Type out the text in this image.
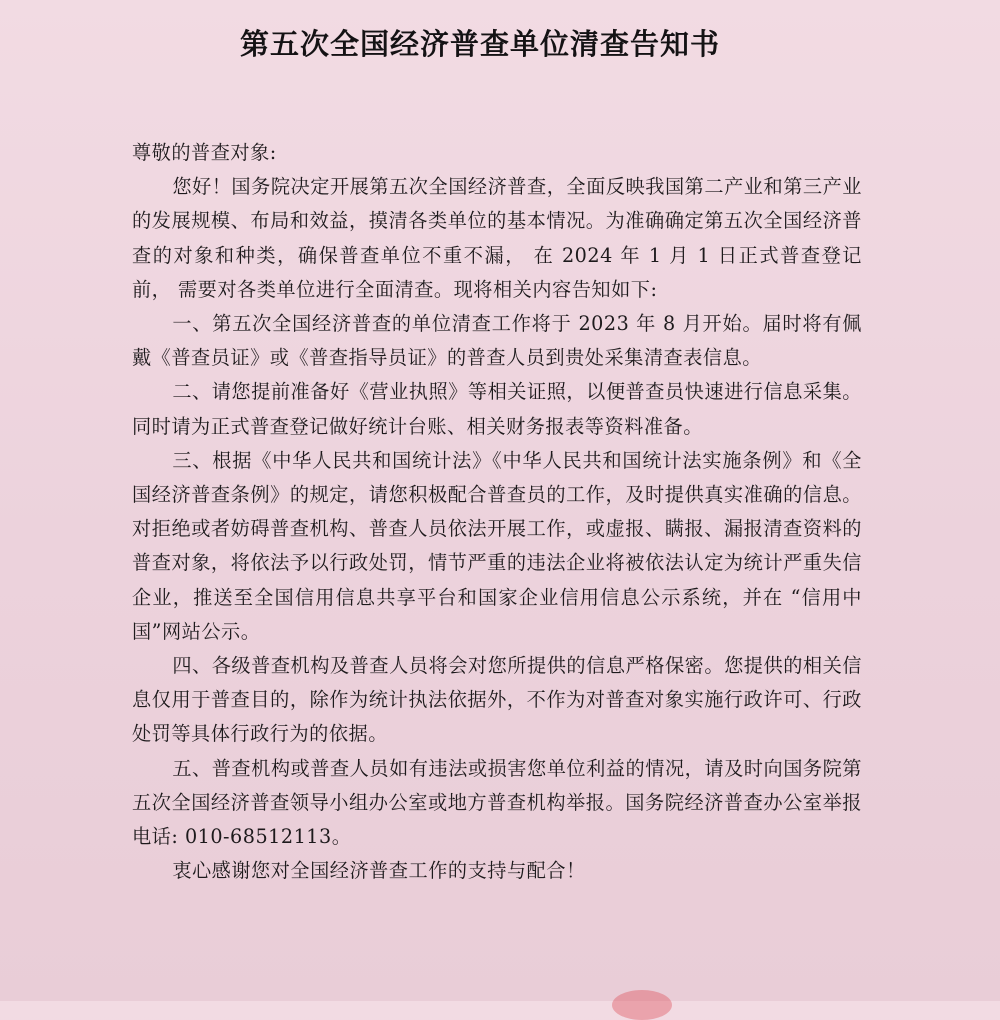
第五次全国经济普查单位清查告知书

尊敬的普查对象:

您好！国务院决定开展第五次全国经济普查，全面反映我国第二产业和第三产业的发展规模、布局和效益，摸清各类单位的基本情况。为准确确定第五次全国经济普查的对象和种类，确保普查单位不重不漏， 在 2024 年 1 月 1 日正式普查登记前， 需要对各类单位进行全面清查。现将相关内容告知如下:

一、第五次全国经济普查的单位清查工作将于 2023 年 8 月开始。届时将有佩戴《普查员证》或《普查指导员证》的普查人员到贵处采集清查表信息。

二、请您提前准备好《营业执照》等相关证照，以便普查员快速进行信息采集。同时请为正式普查登记做好统计台账、相关财务报表等资料准备。

三、根据《中华人民共和国统计法》《中华人民共和国统计法实施条例》和《全国经济普查条例》的规定，请您积极配合普查员的工作，及时提供真实准确的信息。对拒绝或者妨碍普查机构、普查人员依法开展工作，或虚报、瞒报、漏报清查资料的普查对象，将依法予以行政处罚，情节严重的违法企业将被依法认定为统计严重失信企业，推送至全国信用信息共享平台和国家企业信用信息公示系统，并在 “信用中国”网站公示。

四、各级普查机构及普查人员将会对您所提供的信息严格保密。您提供的相关信息仅用于普查目的，除作为统计执法依据外，不作为对普查对象实施行政许可、行政处罚等具体行政行为的依据。

五、普查机构或普查人员如有违法或损害您单位利益的情况，请及时向国务院第五次全国经济普查领导小组办公室或地方普查机构举报。国务院经济普查办公室举报电话: 010-68512113。

衷心感谢您对全国经济普查工作的支持与配合！
